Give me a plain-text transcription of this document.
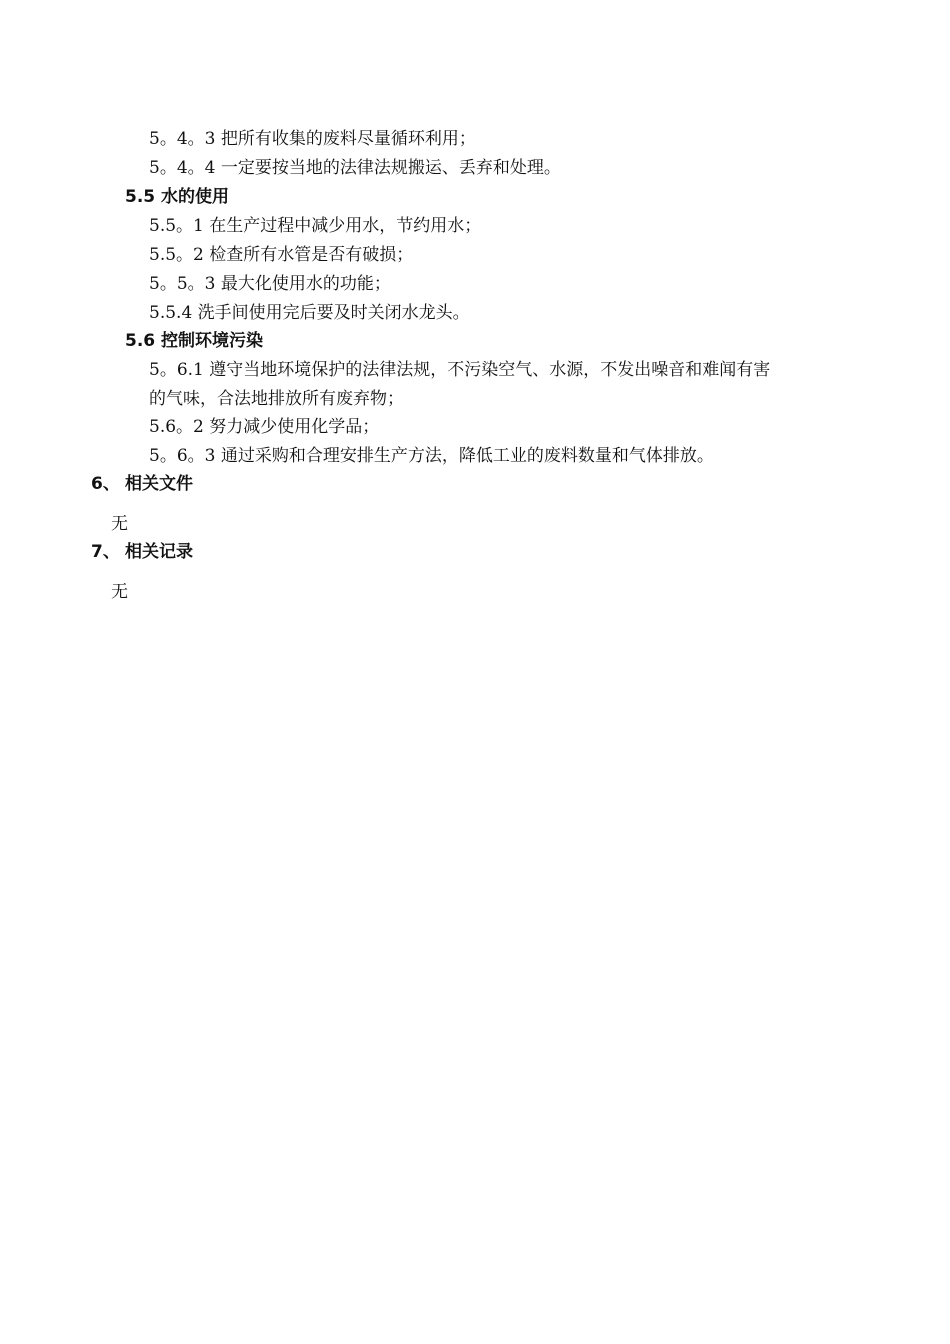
5。4。3 把所有收集的废料尽量循环利用；
5。4。4 一定要按当地的法律法规搬运、丢弃和处理。
5.5 水的使用
5.5。1 在生产过程中减少用水，节约用水；
5.5。2 检查所有水管是否有破损；
5。5。3 最大化使用水的功能；
5.5.4 洗手间使用完后要及时关闭水龙头。
5.6 控制环境污染
5。6.1 遵守当地环境保护的法律法规，不污染空气、水源，不发出噪音和难闻有害
的气味，合法地排放所有废弃物；
5.6。2 努力减少使用化学品；
5。6。3 通过采购和合理安排生产方法，降低工业的废料数量和气体排放。
6、 相关文件
无
7、 相关记录
无
